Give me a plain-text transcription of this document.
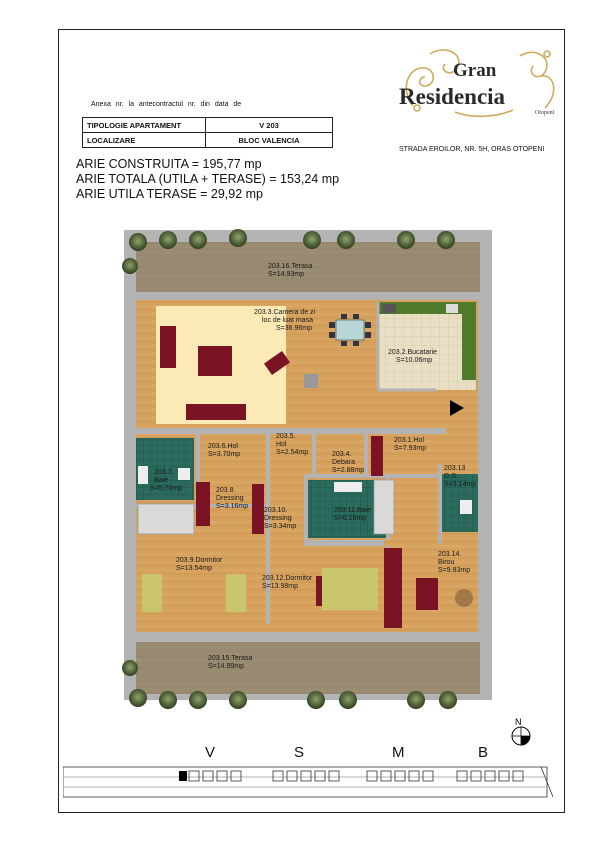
Anexa nr. la antecontractul nr. din data de
TIPOLOGIE APARTAMENT	V 203
LOCALIZARE	BLOC VALENCIA
ARIE CONSTRUITA = 195,77 mp
ARIE TOTALA (UTILA + TERASE) = 153,24 mp
ARIE UTILA TERASE = 29,92 mp
Gran
Residencia
Otopeni
STRADA EROILOR, NR. 5H, ORAS OTOPENI
203.16.Terasa
S=14.93mp
203.3.Camera de zi
loc de luat masa
S=36.96mp
203.2.Bucatarie
S=10.06mp
203.6.Hol
S=3.70mp
203.5.
Hol
S=2.54mp	203.4.
Debara
S=2.88mp
203.1.Hol
S=7.93mp
203.7.
Baie
S=5.70mp	203.8.
Dressing
S=3.16mp
203.10.
Dressing
S=3.34mp
203.11.Baie
S=6.16mp
203.13
G.S.
S=3.14mp
203.9.Dormitor
S=13.54mp
203.12.Dormitor
S=13.98mp
203.14.
Birou
S=9.83mp
203.15.Terasa
S=14.99mp
N
V	S	M	B
